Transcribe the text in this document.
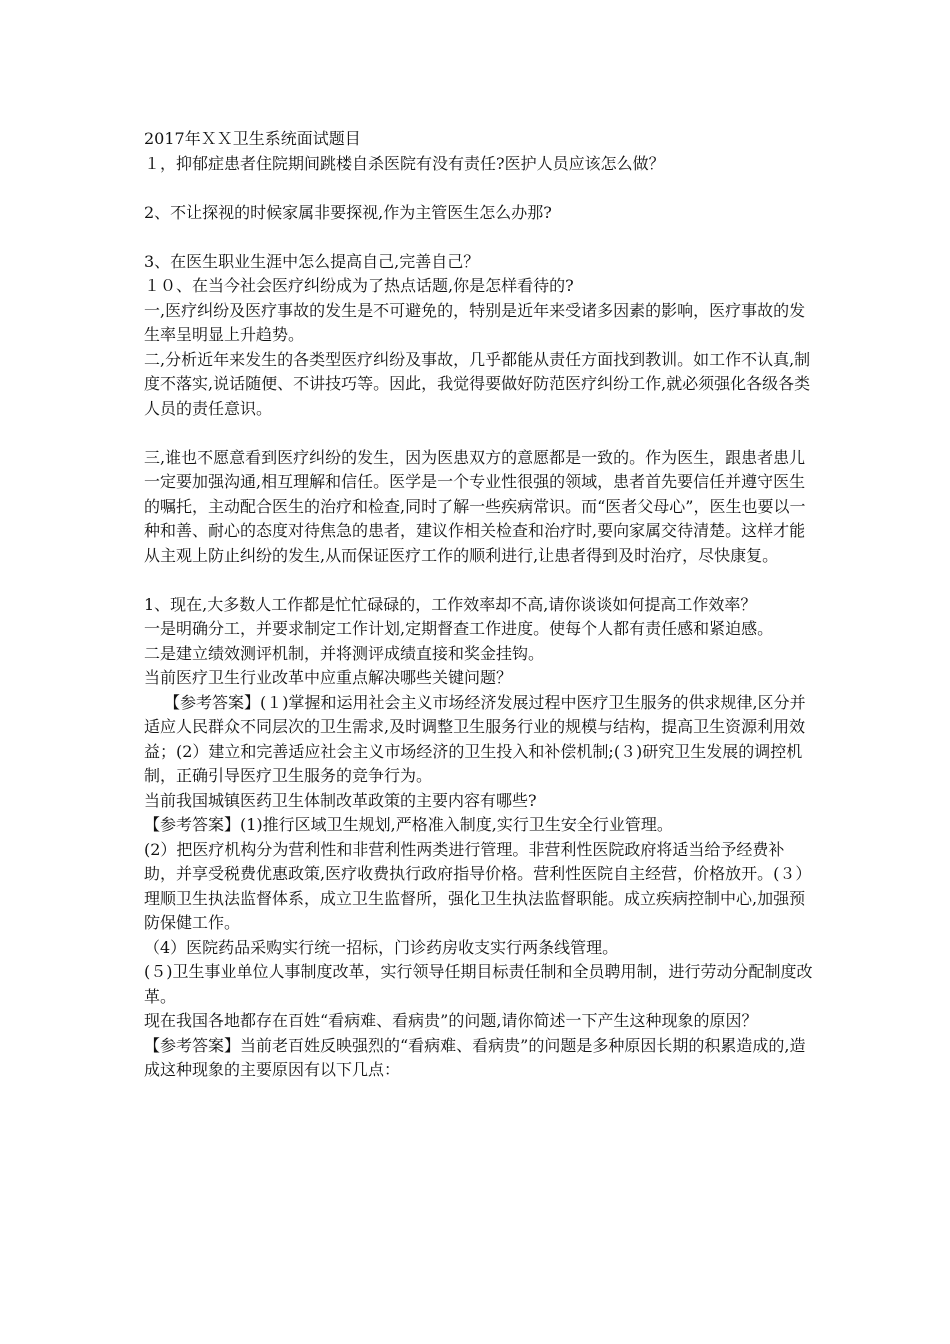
2017年ＸＸ卫生系统面试题目
１，抑郁症患者住院期间跳楼自杀医院有没有责任?医护人员应该怎么做？
2、不让探视的时候家属非要探视,作为主管医生怎么办那?
3、在医生职业生涯中怎么提高自己,完善自己？
１０、在当今社会医疗纠纷成为了热点话题,你是怎样看待的?
一,医疗纠纷及医疗事故的发生是不可避免的，特别是近年来受诸多因素的影响，医疗事故的发生率呈明显上升趋势。
二,分析近年来发生的各类型医疗纠纷及事故，几乎都能从责任方面找到教训。如工作不认真,制度不落实,说话随便、不讲技巧等。因此，我觉得要做好防范医疗纠纷工作,就必须强化各级各类人员的责任意识。
三,谁也不愿意看到医疗纠纷的发生，因为医患双方的意愿都是一致的。作为医生，跟患者患儿一定要加强沟通,相互理解和信任。医学是一个专业性很强的领域，患者首先要信任并遵守医生的嘱托，主动配合医生的治疗和检查,同时了解一些疾病常识。而“医者父母心”，医生也要以一种和善、耐心的态度对待焦急的患者，建议作相关检查和治疗时,要向家属交待清楚。这样才能从主观上防止纠纷的发生,从而保证医疗工作的顺利进行,让患者得到及时治疗，尽快康复。
1、现在,大多数人工作都是忙忙碌碌的，工作效率却不高,请你谈谈如何提高工作效率？
一是明确分工，并要求制定工作计划,定期督查工作进度。使每个人都有责任感和紧迫感。
二是建立绩效测评机制，并将测评成绩直接和奖金挂钩。
当前医疗卫生行业改革中应重点解决哪些关键问题？
【参考答案】(１)掌握和运用社会主义市场经济发展过程中医疗卫生服务的供求规律,区分并适应人民群众不同层次的卫生需求,及时调整卫生服务行业的规模与结构，提高卫生资源利用效益；(2）建立和完善适应社会主义市场经济的卫生投入和补偿机制;(３)研究卫生发展的调控机制，正确引导医疗卫生服务的竞争行为。
当前我国城镇医药卫生体制改革政策的主要内容有哪些?
【参考答案】(1)推行区域卫生规划,严格准入制度,实行卫生安全行业管理。
(2）把医疗机构分为营利性和非营利性两类进行管理。非营利性医院政府将适当给予经费补助，并享受税费优惠政策,医疗收费执行政府指导价格。营利性医院自主经营，价格放开。(３）理顺卫生执法监督体系，成立卫生监督所，强化卫生执法监督职能。成立疾病控制中心,加强预防保健工作。
（4）医院药品采购实行统一招标，门诊药房收支实行两条线管理。
(５)卫生事业单位人事制度改革，实行领导任期目标责任制和全员聘用制，进行劳动分配制度改革。
现在我国各地都存在百姓“看病难、看病贵”的问题,请你简述一下产生这种现象的原因？
【参考答案】当前老百姓反映强烈的“看病难、看病贵”的问题是多种原因长期的积累造成的,造成这种现象的主要原因有以下几点：
